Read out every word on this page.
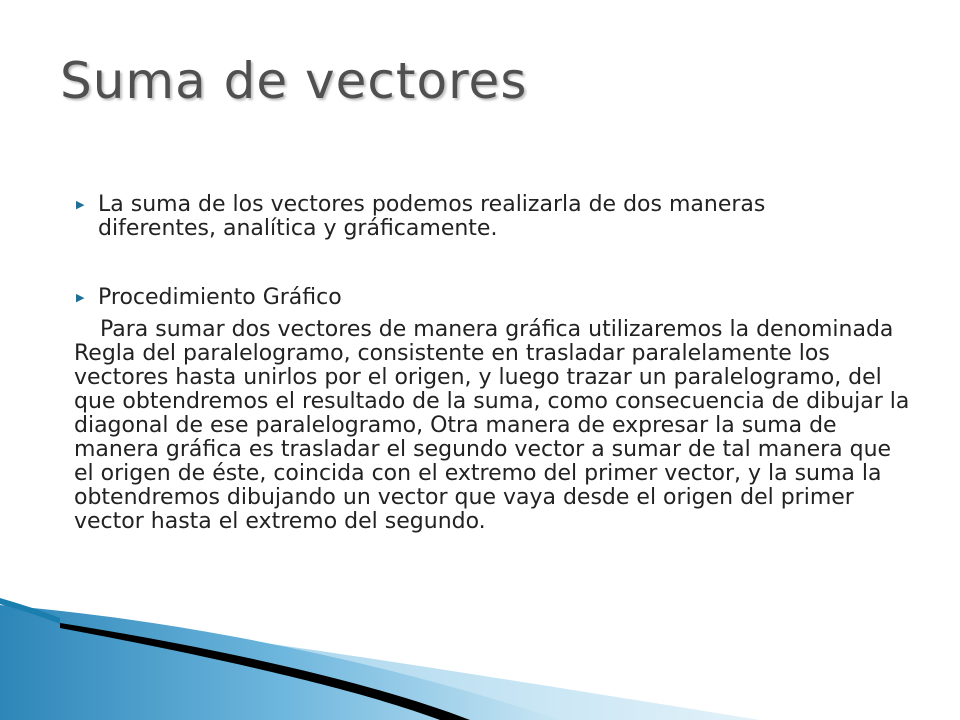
Suma de vectores
▶ La suma de los vectores podemos realizarla de dos maneras diferentes, analítica y gráficamente.
▶ Procedimiento Gráfico

Para sumar dos vectores de manera gráfica utilizaremos la denominada Regla del paralelogramo, consistente en trasladar paralelamente los vectores hasta unirlos por el origen, y luego trazar un paralelogramo, del que obtendremos el resultado de la suma, como consecuencia de dibujar la diagonal de ese paralelogramo, Otra manera de expresar la suma de manera gráfica es trasladar el segundo vector a sumar de tal manera que el origen de éste, coincida con el extremo del primer vector, y la suma la obtendremos dibujando un vector que vaya desde el origen del primer vector hasta el extremo del segundo.
